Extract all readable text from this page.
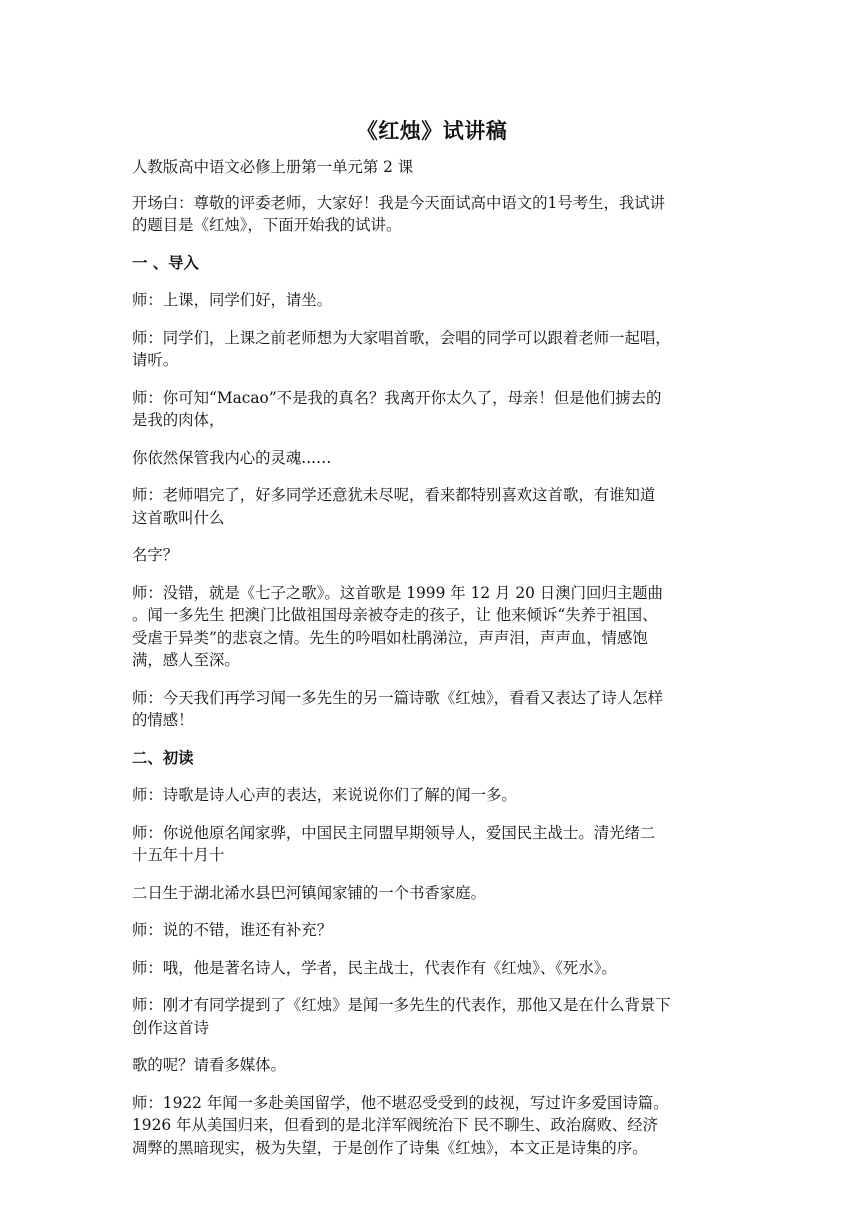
《红烛》试讲稿
人教版高中语文必修上册第一单元第 2 课
开场白：尊敬的评委老师，大家好！我是今天面试高中语文的1号考生，我试讲
的题目是《红烛》，下面开始我的试讲。
一 、导入
师：上课，同学们好，请坐。
师：同学们，上课之前老师想为大家唱首歌，会唱的同学可以跟着老师一起唱，
请听。
师：你可知“Macao”不是我的真名？我离开你太久了，母亲！但是他们掳去的
是我的肉体，
你依然保管我内心的灵魂...…
师：老师唱完了，好多同学还意犹未尽呢，看来都特别喜欢这首歌，有谁知道
这首歌叫什么
名字？
师：没错，就是《七子之歌》。这首歌是 1999 年 12 月 20 日澳门回归主题曲
。闻一多先生 把澳门比做祖国母亲被夺走的孩子，让 他来倾诉“失养于祖国、
受虐于异类”的悲哀之情。先生的吟唱如杜鹃涕泣，声声泪，声声血，情感饱
满，感人至深。
师：今天我们再学习闻一多先生的另一篇诗歌《红烛》，看看又表达了诗人怎样
的情感！
二、初读
师：诗歌是诗人心声的表达，来说说你们了解的闻一多。
师：你说他原名闻家骅，中国民主同盟早期领导人，爱国民主战士。清光绪二
十五年十月十
二日生于湖北浠水县巴河镇闻家铺的一个书香家庭。
师：说的不错，谁还有补充？
师：哦，他是著名诗人，学者，民主战士，代表作有《红烛》、《死水》。
师：刚才有同学提到了《红烛》是闻一多先生的代表作，那他又是在什么背景下
创作这首诗
歌的呢？请看多媒体。
师：1922 年闻一多赴美国留学，他不堪忍受受到的歧视，写过许多爱国诗篇。
1926 年从美国归来，但看到的是北洋军阀统治下 民不聊生、政治腐败、经济
凋弊的黑暗现实，极为失望，于是创作了诗集《红烛》，本文正是诗集的序。
